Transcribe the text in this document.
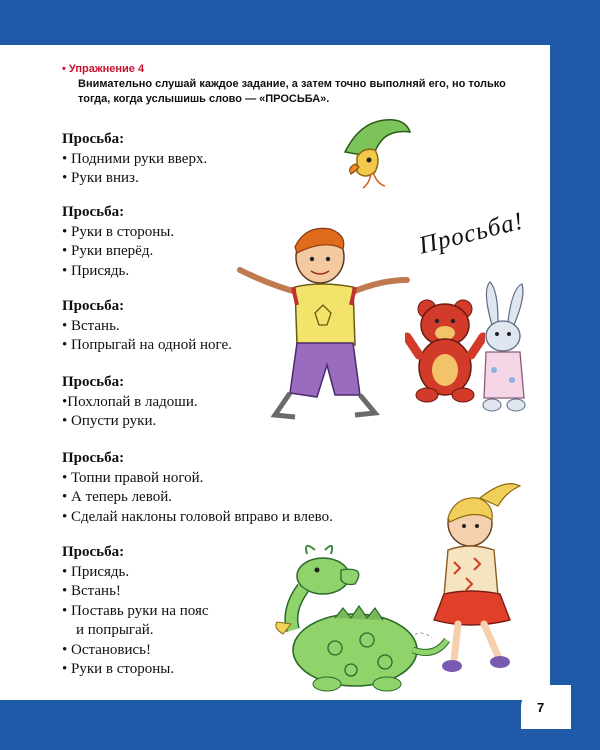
7
• Упражнение 4
Внимательно слушай каждое задание, а затем точно выполняй его, но только тогда, когда услышишь слово — «ПРОСЬБА».
Просьба:
• Подними руки вверх.
• Руки вниз.
Просьба:
• Руки в стороны.
• Руки вперёд.
• Присядь.
Просьба:
• Встань.
• Попрыгай на одной ноге.
Просьба:
•Похлопай в ладоши.
• Опусти руки.
Просьба:
• Топни правой ногой.
• А теперь левой.
• Сделай наклоны головой вправо и влево.
Просьба:
• Присядь.
• Встань!
• Поставь руки на пояс
и попрыгай.
• Остановись!
• Руки в стороны.
Просьба!
